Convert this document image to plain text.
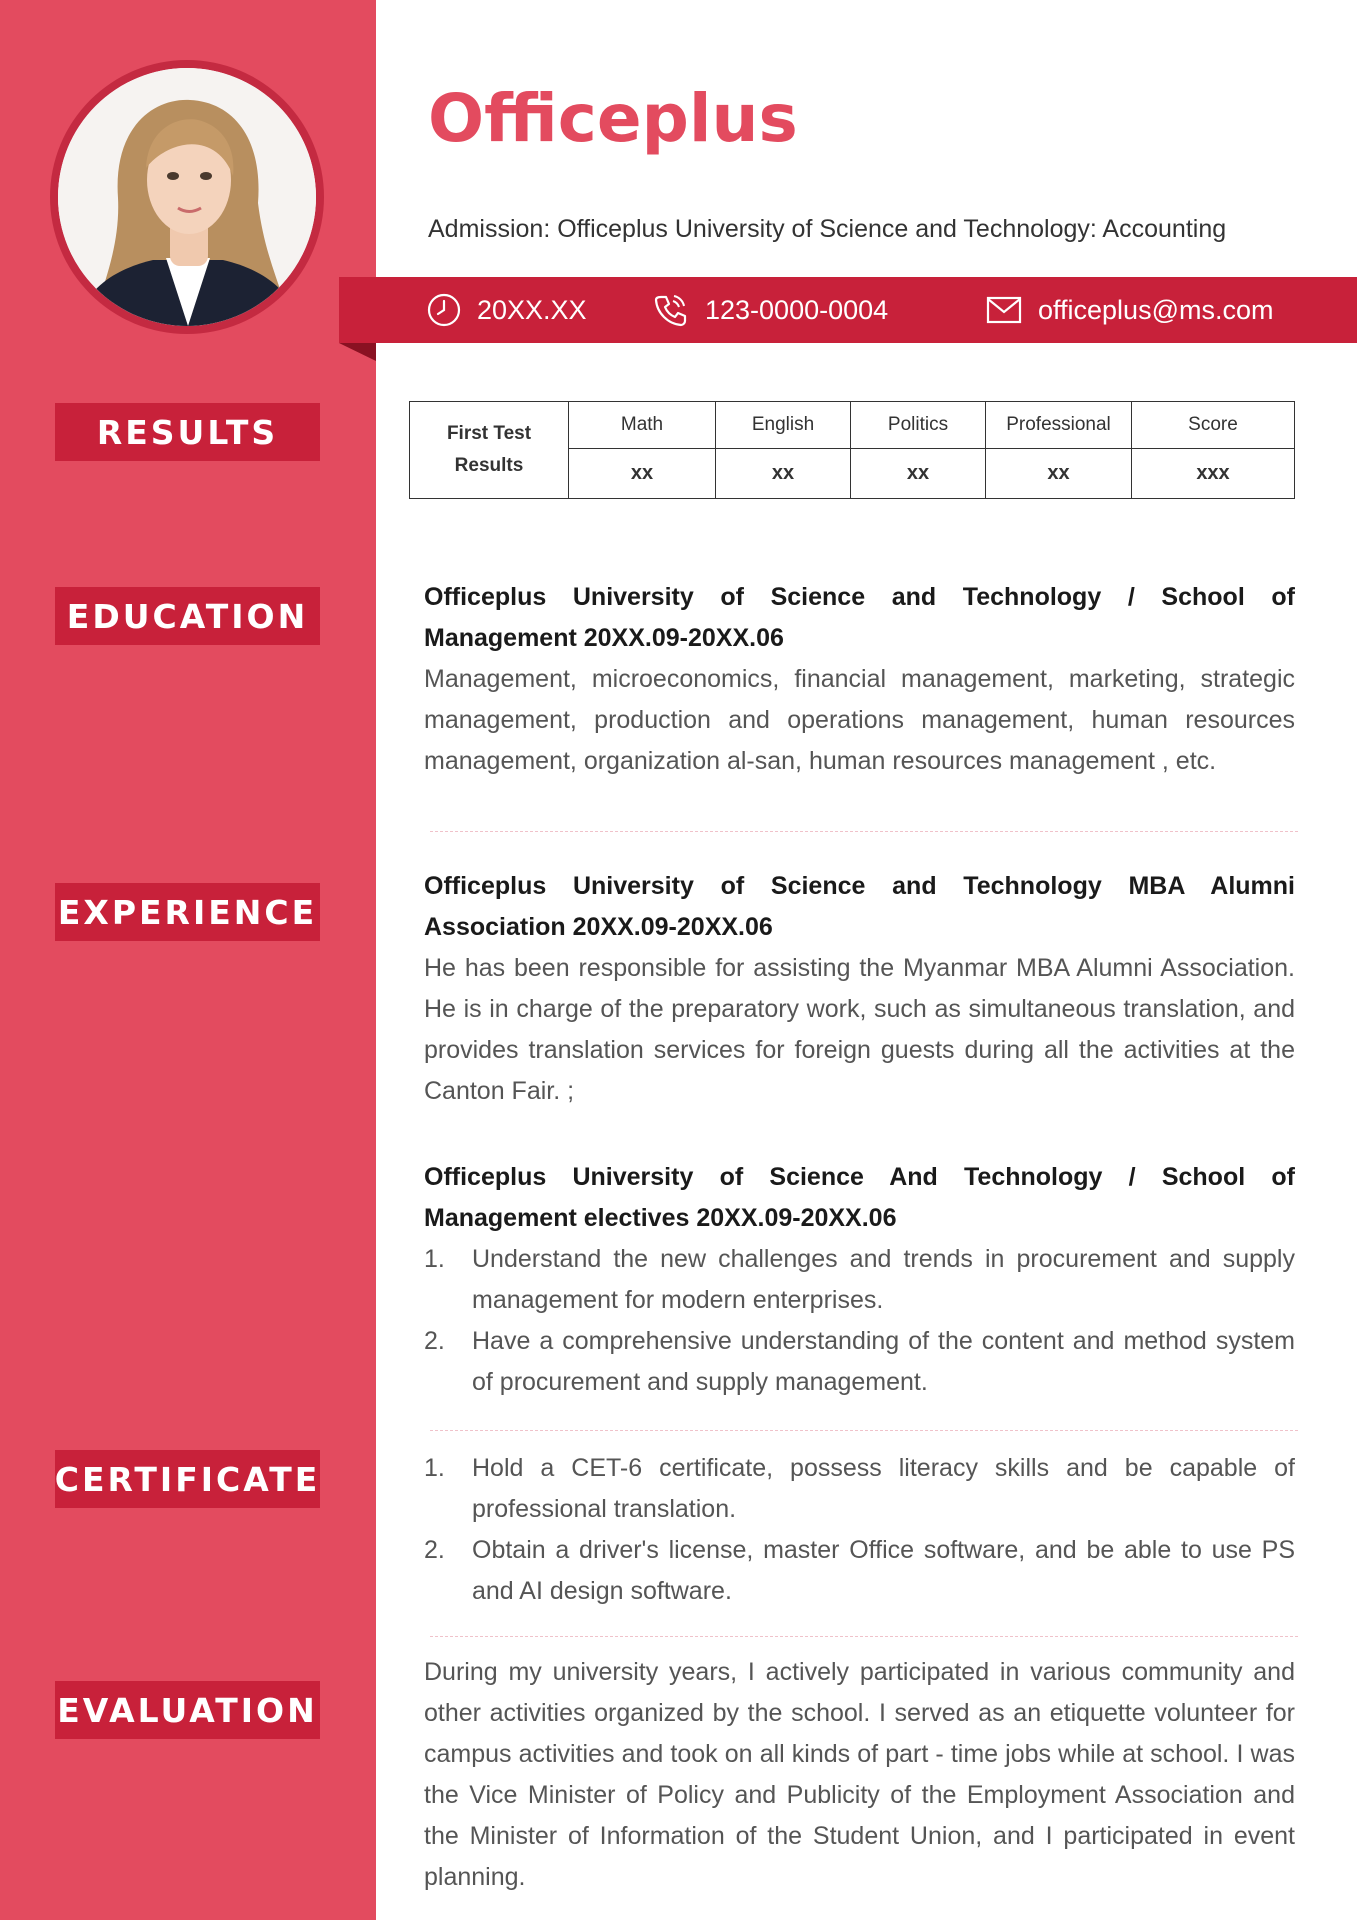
RESULTS
EDUCATION
EXPERIENCE
CERTIFICATE
EVALUATION
Officeplus
Admission: Officeplus University of Science and Technology: Accounting
20XX.XX	123-0000-0004	officeplus@ms.com
First Test
Results	Math	English	Politics	Professional	Score
	xx	xx	xx	xx	xxx
Officeplus University of Science and Technology / School of Management 20XX.09-20XX.06
Management, microeconomics, financial management, marketing, strategic management, production and operations management, human resources management, organization al-san, human resources management , etc.
Officeplus University of Science and Technology MBA Alumni Association 20XX.09-20XX.06
He has been responsible for assisting the Myanmar MBA Alumni Association. He is in charge of the preparatory work, such as simultaneous translation, and provides translation services for foreign guests during all the activities at the Canton Fair. ;
Officeplus University of Science And Technology / School of Management electives 20XX.09-20XX.06
1.	Understand the new challenges and trends in procurement and supply management for modern enterprises.
2.	Have a comprehensive understanding of the content and method system of procurement and supply management.
1.	Hold a CET-6 certificate, possess literacy skills and be capable of professional translation.
2.	Obtain a driver's license, master Office software, and be able to use PS and AI design software.
During my university years, I actively participated in various community and other activities organized by the school. I served as an etiquette volunteer for campus activities and took on all kinds of part - time jobs while at school. I was the Vice Minister of Policy and Publicity of the Employment Association and the Minister of Information of the Student Union, and I participated in event planning.
